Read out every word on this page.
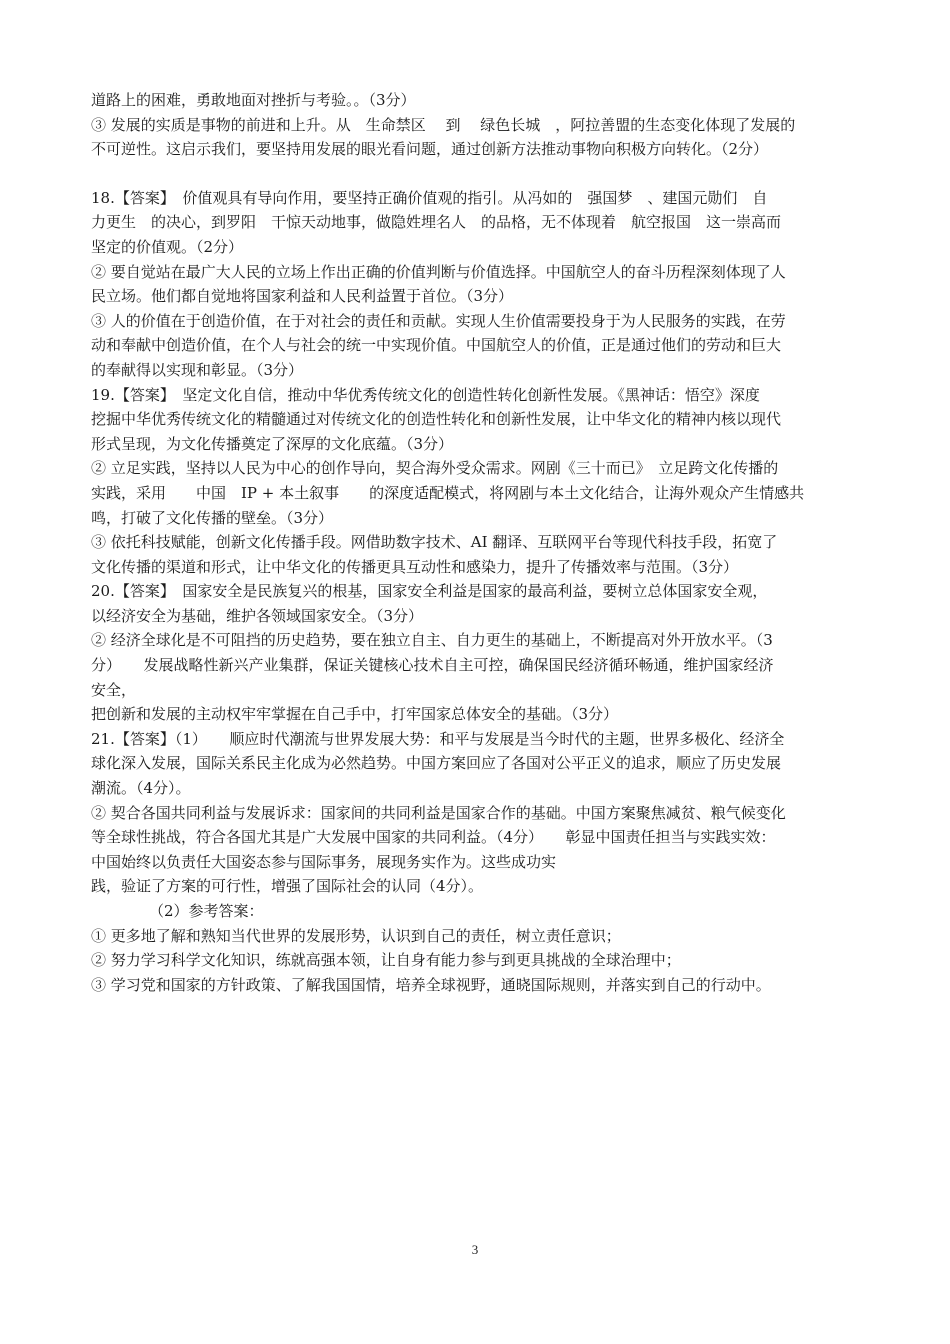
道路上的困难，勇敢地面对挫折与考验。。（3分）
③ 发展的实质是事物的前进和上升。从　生命禁区　 到　 绿色长城　，阿拉善盟的生态变化体现了发展的
不可逆性。这启示我们，要坚持用发展的眼光看问题，通过创新方法推动事物向积极方向转化。（2分）
18.【答案】　价值观具有导向作用，要坚持正确价值观的指引。从冯如的　强国梦　、建国元勋们　自
力更生　的决心，到罗阳　干惊天动地事，做隐姓埋名人　的品格，无不体现着　航空报国　这一崇高而
坚定的价值观。（2分）
② 要自觉站在最广大人民的立场上作出正确的价值判断与价值选择。中国航空人的奋斗历程深刻体现了人
民立场。他们都自觉地将国家利益和人民利益置于首位。（3分）
③ 人的价值在于创造价值，在于对社会的责任和贡献。实现人生价值需要投身于为人民服务的实践，在劳
动和奉献中创造价值，在个人与社会的统一中实现价值。中国航空人的价值，正是通过他们的劳动和巨大
的奉献得以实现和彰显。（3分）
19.【答案】　坚定文化自信，推动中华优秀传统文化的创造性转化创新性发展。《黑神话：悟空》深度
挖掘中华优秀传统文化的精髓通过对传统文化的创造性转化和创新性发展，让中华文化的精神内核以现代
形式呈现，为文化传播奠定了深厚的文化底蕴。（3分）
② 立足实践，坚持以人民为中心的创作导向，契合海外受众需求。网剧《三十而已》　立足跨文化传播的
实践，采用　　中国　IP + 本土叙事　　的深度适配模式，将网剧与本土文化结合，让海外观众产生情感共
鸣，打破了文化传播的壁垒。（3分）
③ 依托科技赋能，创新文化传播手段。网借助数字技术、AI 翻译、互联网平台等现代科技手段，拓宽了
文化传播的渠道和形式，让中华文化的传播更具互动性和感染力，提升了传播效率与范围。（3分）
20.【答案】　国家安全是民族复兴的根基，国家安全利益是国家的最高利益，要树立总体国家安全观，
以经济安全为基础，维护各领域国家安全。（3分）
② 经济全球化是不可阻挡的历史趋势，要在独立自主、自力更生的基础上，不断提高对外开放水平。（3
分）　　发展战略性新兴产业集群，保证关键核心技术自主可控，确保国民经济循环畅通，维护国家经济
安全，
把创新和发展的主动权牢牢掌握在自己手中，打牢国家总体安全的基础。（3分）
21.【答案】（1）　　顺应时代潮流与世界发展大势：和平与发展是当今时代的主题，世界多极化、经济全
球化深入发展，国际关系民主化成为必然趋势。中国方案回应了各国对公平正义的追求，顺应了历史发展
潮流。（4分）。
② 契合各国共同利益与发展诉求：国家间的共同利益是国家合作的基础。中国方案聚焦减贫、粮气候变化
等全球性挑战，符合各国尤其是广大发展中国家的共同利益。（4分）　　彰显中国责任担当与实践实效：
中国始终以负责任大国姿态参与国际事务，展现务实作为。这些成功实
践，验证了方案的可行性，增强了国际社会的认同（4分）。
（2）参考答案：
① 更多地了解和熟知当代世界的发展形势，认识到自己的责任，树立责任意识；
② 努力学习科学文化知识，练就高强本领，让自身有能力参与到更具挑战的全球治理中；
③ 学习党和国家的方针政策、了解我国国情，培养全球视野，通晓国际规则，并落实到自己的行动中。
3
